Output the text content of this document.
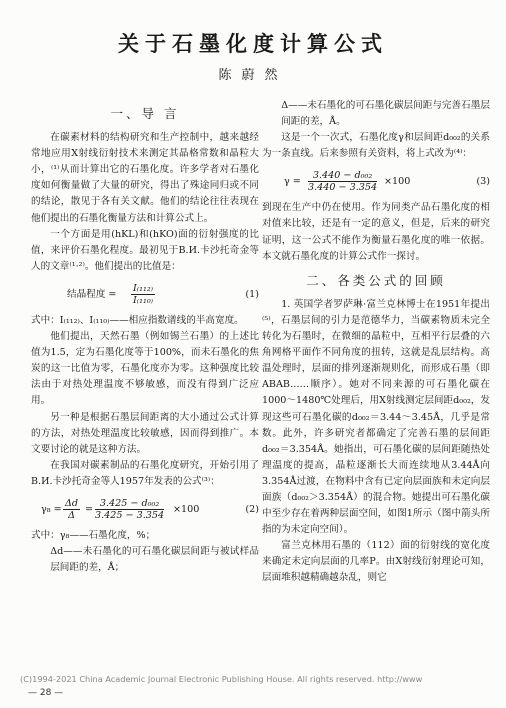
关于石墨化度计算公式
陈蔚然
一、导 言

在碳素材料的结构研究和生产控制中，越来越经常地应用X射线衍射技术来测定其晶格常数和晶粒大小，⁽¹⁾从而计算出它的石墨化度。许多学者对石墨化度如何衡量做了大量的研究，得出了殊途同归或不同的结论，散见于各有关文献。他们的结论往往表现在他们提出的石墨化衡量方法和计算公式上。

一个方面是用(hKL)和(hKO)面的衍射强度的比值，来评价石墨化程度。最初见于B.И.卡沙托奇金等人的文章⁽¹·²⁾。他们提出的比值是：

结晶程度 = $\frac{\text{I₍₁₁₂₎}}{\text{I₍₁₁₀₎}}$	(1)

式中：I₍₁₁₂₎、I₍₁₁₀₎——相应指数谱线的半高宽度。

他们提出，天然石墨（例如锡兰石墨）的上述比值为1.5，定为石墨化度等于100%，而未石墨化的焦炭的这一比值为零，石墨化度亦为零。这种强度比较法由于对热处理温度不够敏感，而没有得到广泛应用。

另一种是根据石墨层间距离的大小通过公式计算的方法，对热处理温度比较敏感，因而得到推广。本文要讨论的就是这种方法。

在我国对碳素制品的石墨化度研究，开始引用了B.И.卡沙托奇金等人1957年发表的公式⁽³⁾：

$\gamma_8 = \frac{\Delta d}{\Delta} = \frac{\text{3.425 − d₀₀₂}}{3.425 - 3.354} \times 100$	(2)

式中：γ₈——石墨化度，%；

Δd——未石墨化的可石墨化碳层间距与被试样品层间距的差，Å；

Δ——未石墨化的可石墨化碳层间距与完善石墨层间距的差，Å。

这是一个一次式，石墨化度γ和层间距d₀₀₂的关系为一条直线。后来参照有关资料，将上式改为⁽⁴⁾：

$\gamma = \frac{\text{3.440 − d₀₀₂}}{3.440 - 3.354} \times 100$	(3)

到现在生产中仍在使用。作为同类产品石墨化度的相对值来比较，还是有一定的意义，但是，后来的研究证明，这一公式不能作为衡量石墨化度的唯一依据。本文就石墨化度的计算公式作一探讨。

二、各类公式的回顾

1. 英国学者罗萨琳·富兰克林博士在1951年提出⁽⁵⁾，石墨层间的引力是范德华力，当碳素物质未完全转化为石墨时，在微细的晶粒中，互相平行层叠的六角网格平面作不同角度的扭转，这就是乱层结构。高温处理时，层面的排列逐渐规则化，而形成石墨（即ABAB……顺序）。她对不同来源的可石墨化碳在1000～1480℃处理后，用X射线测定层间距d₀₀₂，发现这些可石墨化碳的d₀₀₂＝3.44～3.45Å，几乎是常数。此外，许多研究者都确定了完善石墨的层间距d₀₀₂＝3.354Å。她指出，可石墨化碳的层间距随热处理温度的提高，晶粒逐渐长大而连续地从3.44Å向3.354Å过渡，在物料中含有已定向层面族和未定向层面族（d₀₀₂＞3.354Å）的混合物。她提出可石墨化碳中至少存在着两种层面空间，如图1所示（图中箭头所指的为未定向空间）。

富兰克林用石墨的（112）面的衍射线的宽化度来确定未定向层面的几率P。由X射线衍射理论可知，层面堆积越精确越杂乱，则它

— 28 —
(C)1994-2021 China Academic Journal Electronic Publishing House. All rights reserved. http://www
